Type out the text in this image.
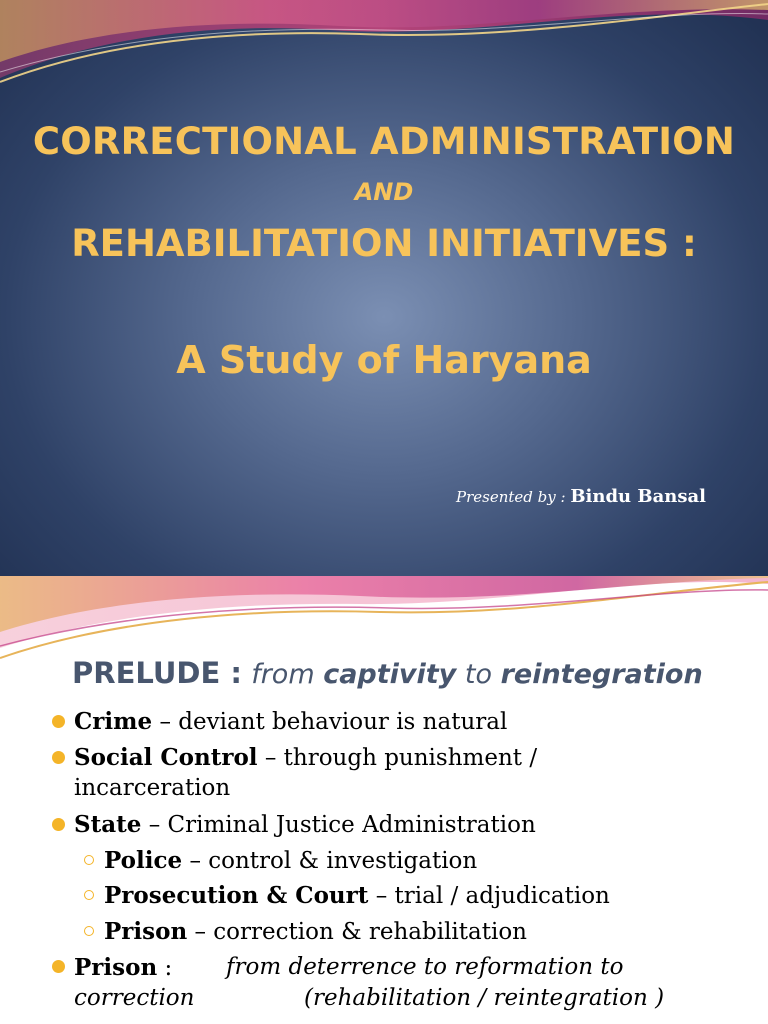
CORRECTIONAL ADMINISTRATION
AND
REHABILITATION INITIATIVES :
A Study of Haryana
Presented by : Bindu Bansal
PRELUDE : from captivity to reintegration
Crime – deviant behaviour is natural
Social Control – through punishment /
incarceration
State – Criminal Justice Administration
Police – control & investigation
Prosecution & Court – trial / adjudication
Prison – correction & rehabilitation
Prison : from deterrence to reformation to
correction	(rehabilitation / reintegration )
